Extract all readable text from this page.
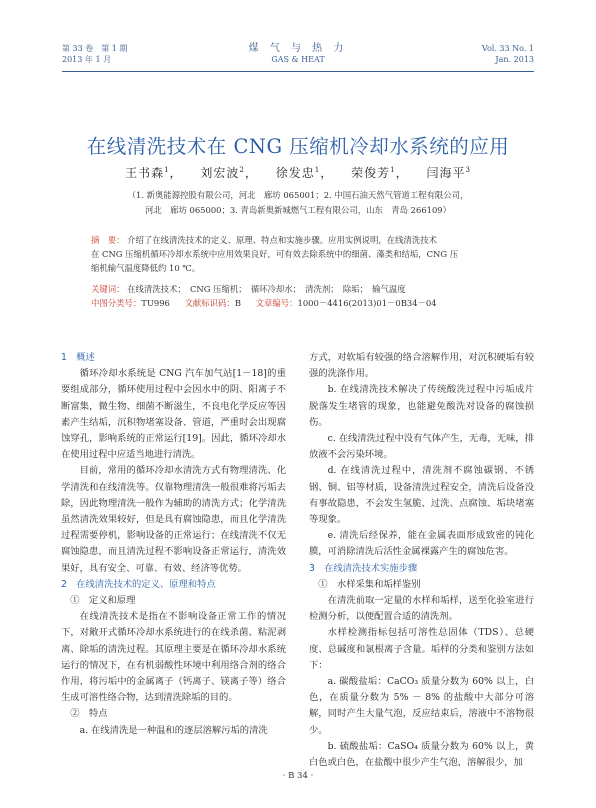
第 33 卷　第 1 期
2013 年 1 月
煤 气 与 热 力
GAS & HEAT
Vol. 33 No. 1
Jan. 2013
在线清洗技术在 CNG 压缩机冷却水系统的应用
王书森$^1$， 　 刘宏波$^2$， 　 徐发忠$^1$， 　 荣俊芳$^1$， 　 闫海平$^3$
（1. 新奥能源控股有限公司，河北　廊坊 065001；2. 中国石油天然气管道工程有限公司，
河北　廊坊 065000；3. 青岛新奥新城燃气工程有限公司，山东　青岛 266109）
摘　要： 介绍了在线清洗技术的定义、原理、特点和实施步骤。应用实例说明，在线清洗技术
在 CNG 压缩机循环冷却水系统中应用效果良好，可有效去除系统中的细菌、藻类和结垢，CNG 压
缩机输气温度降低约 10 ℃。
关键词： 在线清洗技术；　CNG 压缩机；　循环冷却水；　清洗剂；　除垢；　输气温度
中图分类号：TU996 文献标识码：B 文章编号：1000－4416(2013)01－0B34－04

1　概述

循环冷却水系统是 CNG 汽车加气站[1－18]的重要组成部分，循环使用过程中会因水中的阴、阳离子不断富集，微生物、细菌不断滋生，不良电化学反应等因素产生结垢，沉积物堵塞设备、管道，严重时会出现腐蚀穿孔，影响系统的正常运行[19]。因此，循环冷却水在使用过程中应适当地进行清洗。

目前，常用的循环冷却水清洗方式有物理清洗、化学清洗和在线清洗等。仅靠物理清洗一般很难将污垢去除，因此物理清洗一般作为辅助的清洗方式；化学清洗虽然清洗效果较好，但是具有腐蚀隐患，而且化学清洗过程需要停机，影响设备的正常运行；在线清洗不仅无腐蚀隐患，而且清洗过程不影响设备正常运行，清洗效果好，具有安全、可靠、有效、经济等优势。

2　在线清洗技术的定义、原理和特点

①　定义和原理

在线清洗技术是指在不影响设备正常工作的情况下，对敞开式循环冷却水系统进行的在线杀菌、粘泥剥离、除垢的清洗过程。其原理主要是在循环冷却水系统运行的情况下，在有机弱酸性环境中利用络合剂的络合作用，将污垢中的金属离子（钙离子、镁离子等）络合生成可溶性络合物，达到清洗除垢的目的。

②　特点

a. 在线清洗是一种温和的逐层溶解污垢的清洗

方式，对软垢有较强的络合溶解作用，对沉积硬垢有较强的洗涤作用。

b. 在线清洗技术解决了传统酸洗过程中污垢成片脱落发生堵管的现象，也能避免酸洗对设备的腐蚀损伤。

c. 在线清洗过程中没有气体产生，无毒，无味，排放液不会污染环境。

d. 在线清洗过程中，清洗剂不腐蚀碳钢、不锈钢、铜、铝等材质，设备清洗过程安全，清洗后设备没有事故隐患，不会发生氢脆、过洗、点腐蚀、垢块堵塞等现象。

e. 清洗后经保养，能在金属表面形成致密的钝化膜，可消除清洗后活性金属裸露产生的腐蚀危害。

3　在线清洗技术实施步骤

①　水样采集和垢样鉴别

在清洗前取一定量的水样和垢样，送至化验室进行检测分析，以便配置合适的清洗剂。

水样检测指标包括可溶性总固体（TDS）、总硬度、总碱度和氯根离子含量。垢样的分类和鉴别方法如下：

a. 碳酸盐垢：CaCO₃ 质量分数为 60% 以上，白色，在质量分数为 5% － 8% 的盐酸中大部分可溶解，同时产生大量气泡，反应结束后，溶液中不溶物很少。

b. 硫酸盐垢：CaSO₄ 质量分数为 60% 以上，黄白色或白色，在盐酸中很少产生气泡，溶解很少，加

· B 34 ·
